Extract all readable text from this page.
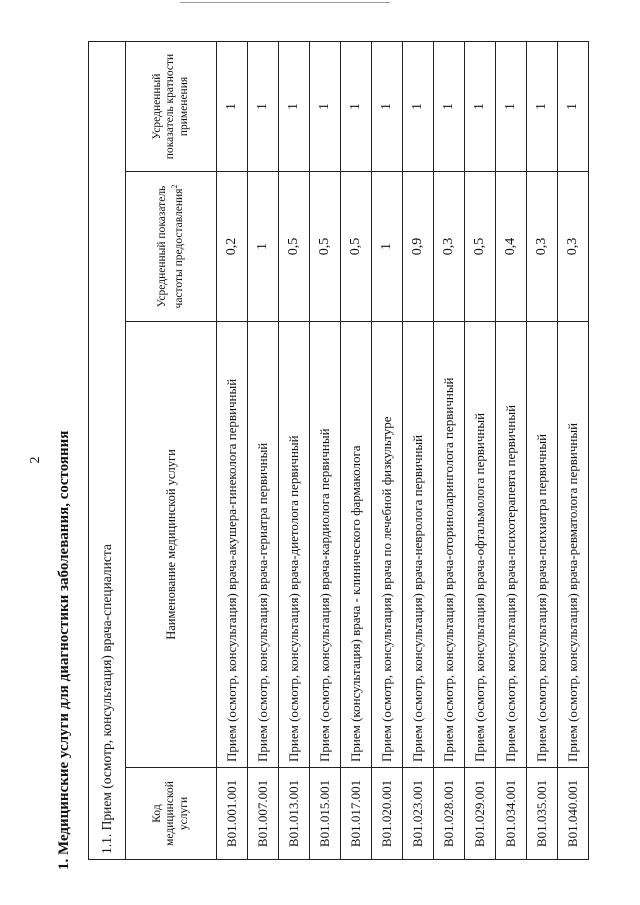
2 1. Медицинские услуги для диагностики заболевания, состояния 1.1. Прием (осмотр, консультация) врача-специалиста			
Код медицинской услуги	Наименование медицинской услуги	Усредненный показатель частоты предоставления$^2$	Усредненный показатель кратности применения
B01.001.001	Прием (осмотр, консультация) врача-акушера-гинеколога первичный	0,2	1
B01.007.001	Прием (осмотр, консультация) врача-гериатра первичный	1	1
B01.013.001	Прием (осмотр, консультация) врача-диетолога первичный	0,5	1
B01.015.001	Прием (осмотр, консультация) врача-кардиолога первичный	0,5	1
B01.017.001	Прием (консультация) врача - клинического фармаколога	0,5	1
B01.020.001	Прием (осмотр, консультация) врача по лечебной физкультуре	1	1
B01.023.001	Прием (осмотр, консультация) врача-невролога первичный	0,9	1
B01.028.001	Прием (осмотр, консультация) врача-оториноларинголога первичный	0,3	1
B01.029.001	Прием (осмотр, консультация) врача-офтальмолога первичный	0,5	1
B01.034.001	Прием (осмотр, консультация) врача-психотерапевта первичный	0,4	1
B01.035.001	Прием (осмотр, консультация) врача-психиатра первичный	0,3	1
B01.040.001	Прием (осмотр, консультация) врача-ревматолога первичный	0,3	1
